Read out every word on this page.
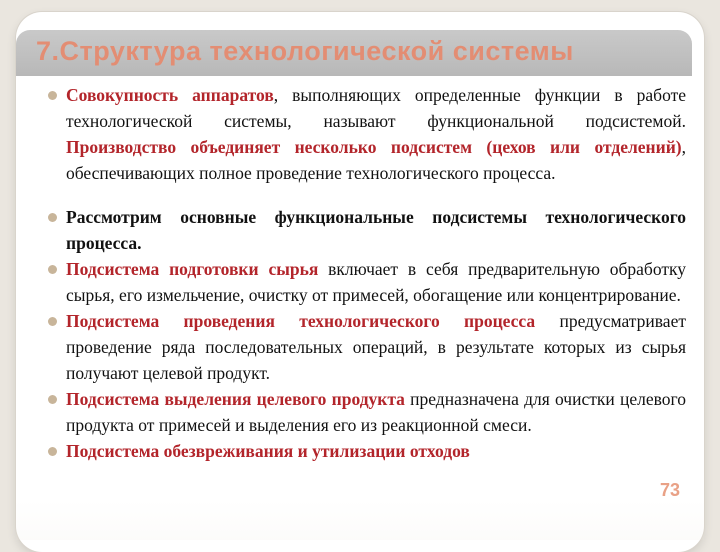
7.Структура технологической системы
Совокупность аппаратов, выполняющих определенные функции в работе технологической системы, называют функциональной подсистемой. Производство объединяет несколько подсистем (цехов или отделений), обеспечивающих полное проведение технологического процесса.
Рассмотрим основные функциональные подсистемы технологического процесса.
Подсистема подготовки сырья включает в себя предварительную обработку сырья, его измельчение, очистку от примесей, обогащение или концентрирование.
Подсистема проведения технологического процесса предусматривает проведение ряда последовательных операций, в результате которых из сырья получают целевой продукт.
Подсистема выделения целевого продукта предназначена для очистки целевого продукта от примесей и выделения его из реакционной смеси.
Подсистема обезвреживания и утилизации отходов
73
